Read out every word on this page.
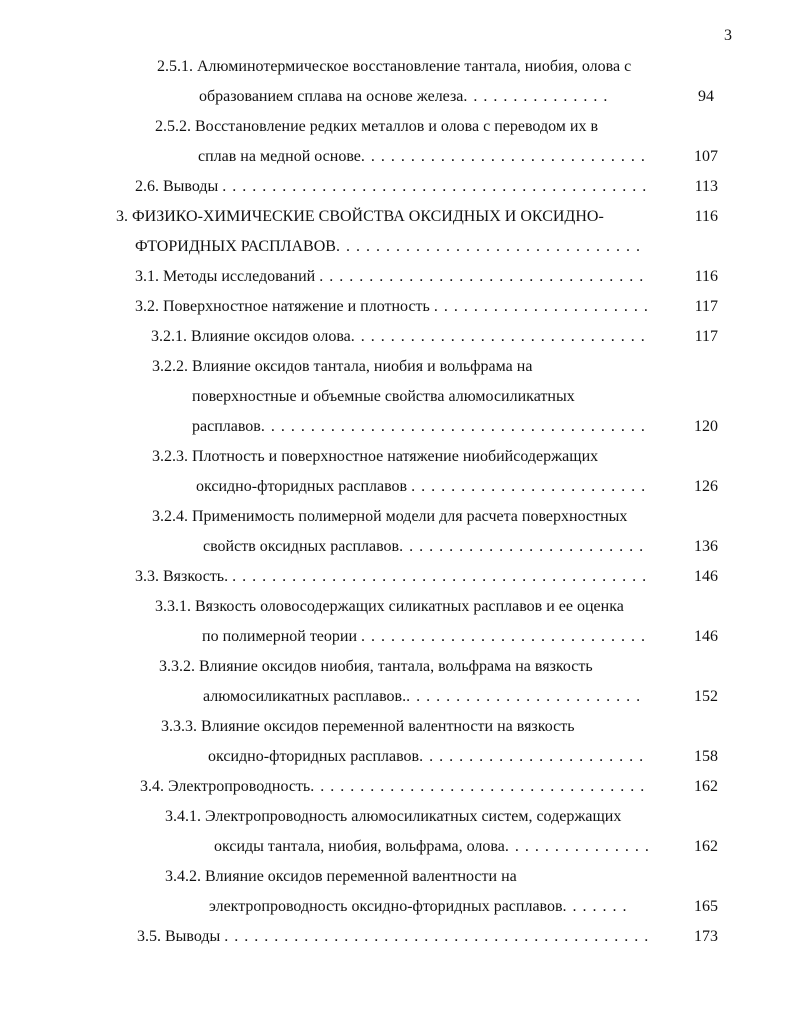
3
2.5.1. Алюминотермическое восстановление тантала, ниобия, олова с
образованием сплава на основе железа. . . . . . . . . . . . . . .	94
2.5.2. Восстановление редких металлов и олова с переводом их в
сплав на медной основе. . . . . . . . . . . . . . . . . . . . . . . . . . . . .	107
2.6. Выводы . . . . . . . . . . . . . . . . . . . . . . . . . . . . . . . . . . . . . . . . . . .	113
3. ФИЗИКО-ХИМИЧЕСКИЕ СВОЙСТВА ОКСИДНЫХ И ОКСИДНО-	116
ФТОРИДНЫХ РАСПЛАВОВ. . . . . . . . . . . . . . . . . . . . . . . . . . . . . . .
3.1. Методы исследований . . . . . . . . . . . . . . . . . . . . . . . . . . . . . . . . .	116
3.2. Поверхностное натяжение и плотность . . . . . . . . . . . . . . . . . . . . . .	117
3.2.1. Влияние оксидов олова. . . . . . . . . . . . . . . . . . . . . . . . . . . . . .	117
3.2.2. Влияние оксидов тантала, ниобия и вольфрама на
поверхностные и объемные свойства алюмосиликатных
расплавов. . . . . . . . . . . . . . . . . . . . . . . . . . . . . . . . . . . . . . .	120
3.2.3. Плотность и поверхностное натяжение ниобийсодержащих
оксидно-фторидных расплавов . . . . . . . . . . . . . . . . . . . . . . . .	126
3.2.4. Применимость полимерной модели для расчета поверхностных
свойств оксидных расплавов. . . . . . . . . . . . . . . . . . . . . . . . .	136
3.3. Вязкость. . . . . . . . . . . . . . . . . . . . . . . . . . . . . . . . . . . . . . . . . . .	146
3.3.1. Вязкость оловосодержащих силикатных расплавов и ее оценка
по полимерной теории . . . . . . . . . . . . . . . . . . . . . . . . . . . . .	146
3.3.2. Влияние оксидов ниобия, тантала, вольфрама на вязкость
алюмосиликатных расплавов.. . . . . . . . . . . . . . . . . . . . . . . .	152
3.3.3. Влияние оксидов переменной валентности на вязкость
оксидно-фторидных расплавов. . . . . . . . . . . . . . . . . . . . . . .	158
3.4. Электропроводность. . . . . . . . . . . . . . . . . . . . . . . . . . . . . . . . . .	162
3.4.1. Электропроводность алюмосиликатных систем, содержащих
оксиды тантала, ниобия, вольфрама, олова. . . . . . . . . . . . . . .	162
3.4.2. Влияние оксидов переменной валентности на
электропроводность оксидно-фторидных расплавов. . . . . . .	165
3.5. Выводы . . . . . . . . . . . . . . . . . . . . . . . . . . . . . . . . . . . . . . . . . . .	173
